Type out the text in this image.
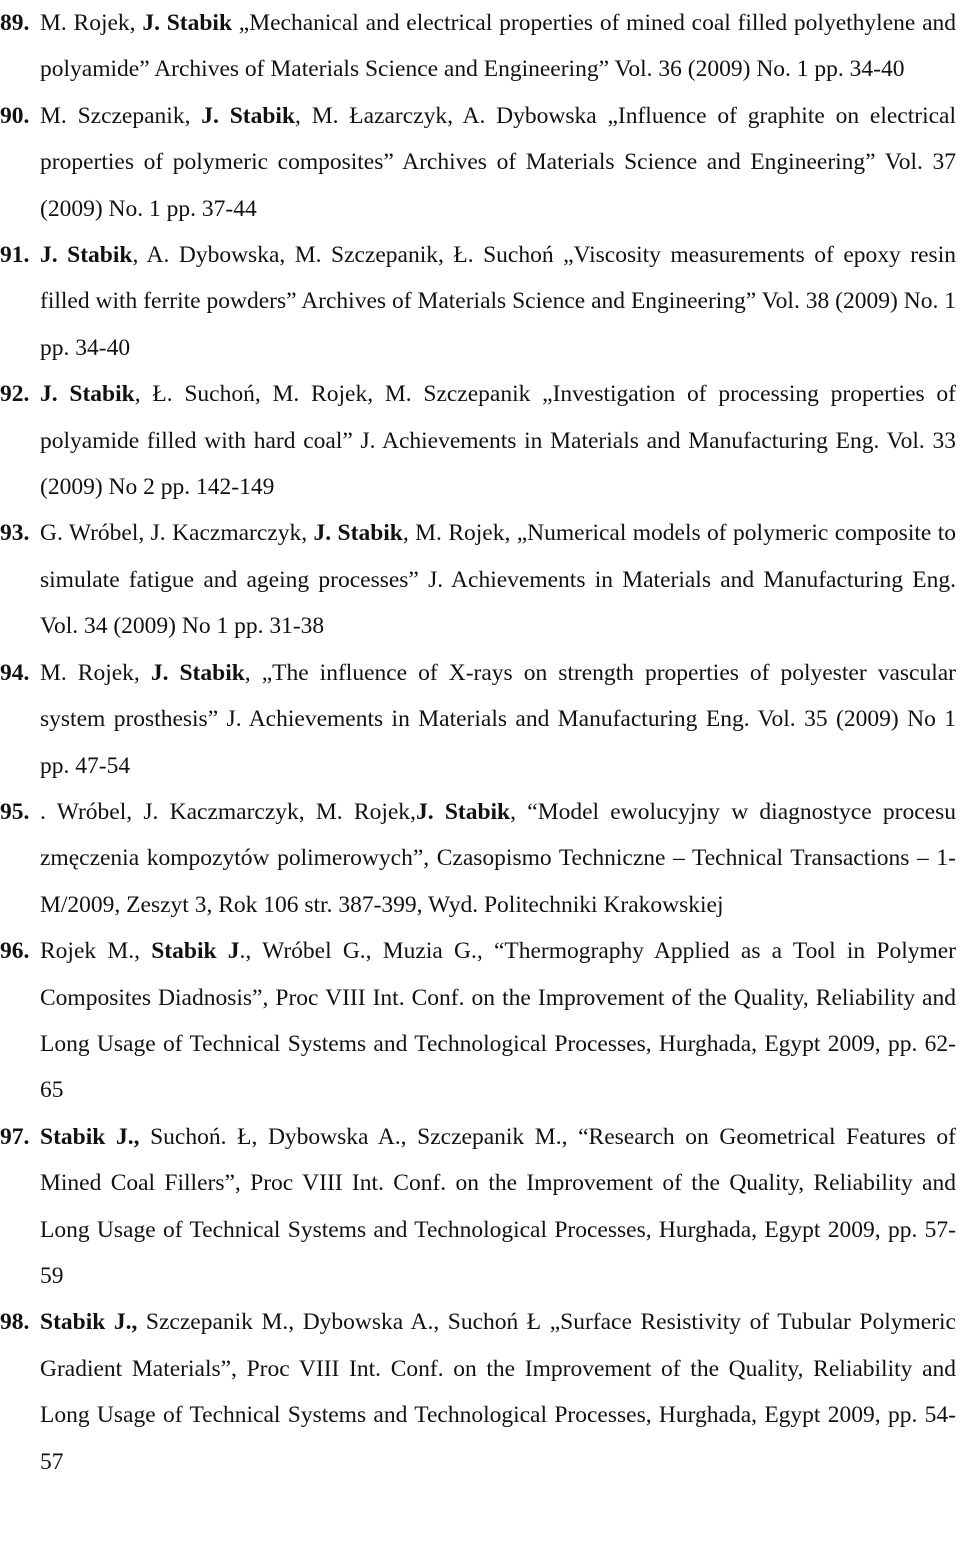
89. M. Rojek, J. Stabik „Mechanical and electrical properties of mined coal filled polyethylene and polyamide” Archives of Materials Science and Engineering” Vol. 36 (2009) No. 1 pp. 34-40
90. M. Szczepanik, J. Stabik, M. Łazarczyk, A. Dybowska „Influence of graphite on electrical properties of polymeric composites” Archives of Materials Science and Engineering” Vol. 37 (2009) No. 1 pp. 37-44
91. J. Stabik, A. Dybowska, M. Szczepanik, Ł. Suchoń „Viscosity measurements of epoxy resin filled with ferrite powders” Archives of Materials Science and Engineering” Vol. 38 (2009) No. 1 pp. 34-40
92. J. Stabik, Ł. Suchoń, M. Rojek, M. Szczepanik „Investigation of processing properties of polyamide filled with hard coal” J. Achievements in Materials and Manufacturing Eng. Vol. 33 (2009) No 2 pp. 142-149
93. G. Wróbel, J. Kaczmarczyk, J. Stabik, M. Rojek, „Numerical models of polymeric composite to simulate fatigue and ageing processes” J. Achievements in Materials and Manufacturing Eng. Vol. 34 (2009) No 1 pp. 31-38
94. M. Rojek, J. Stabik, „The influence of X-rays on strength properties of polyester vascular system prosthesis” J. Achievements in Materials and Manufacturing Eng. Vol. 35 (2009) No 1 pp. 47-54
95. . Wróbel, J. Kaczmarczyk, M. Rojek,J. Stabik, “Model ewolucyjny w diagnostyce procesu zmęczenia kompozytów polimerowych”, Czasopismo Techniczne – Technical Transactions – 1-M/2009, Zeszyt 3, Rok 106 str. 387-399, Wyd. Politechniki Krakowskiej
96. Rojek M., Stabik J., Wróbel G., Muzia G., “Thermography Applied as a Tool in Polymer Composites Diadnosis”, Proc VIII Int. Conf. on the Improvement of the Quality, Reliability and Long Usage of Technical Systems and Technological Processes, Hurghada, Egypt 2009, pp. 62-65
97. Stabik J., Suchoń. Ł, Dybowska A., Szczepanik M., “Research on Geometrical Features of Mined Coal Fillers”, Proc VIII Int. Conf. on the Improvement of the Quality, Reliability and Long Usage of Technical Systems and Technological Processes, Hurghada, Egypt 2009, pp. 57-59
98. Stabik J., Szczepanik M., Dybowska A., Suchoń Ł „Surface Resistivity of Tubular Polymeric Gradient Materials”, Proc VIII Int. Conf. on the Improvement of the Quality, Reliability and Long Usage of Technical Systems and Technological Processes, Hurghada, Egypt 2009, pp. 54-57
